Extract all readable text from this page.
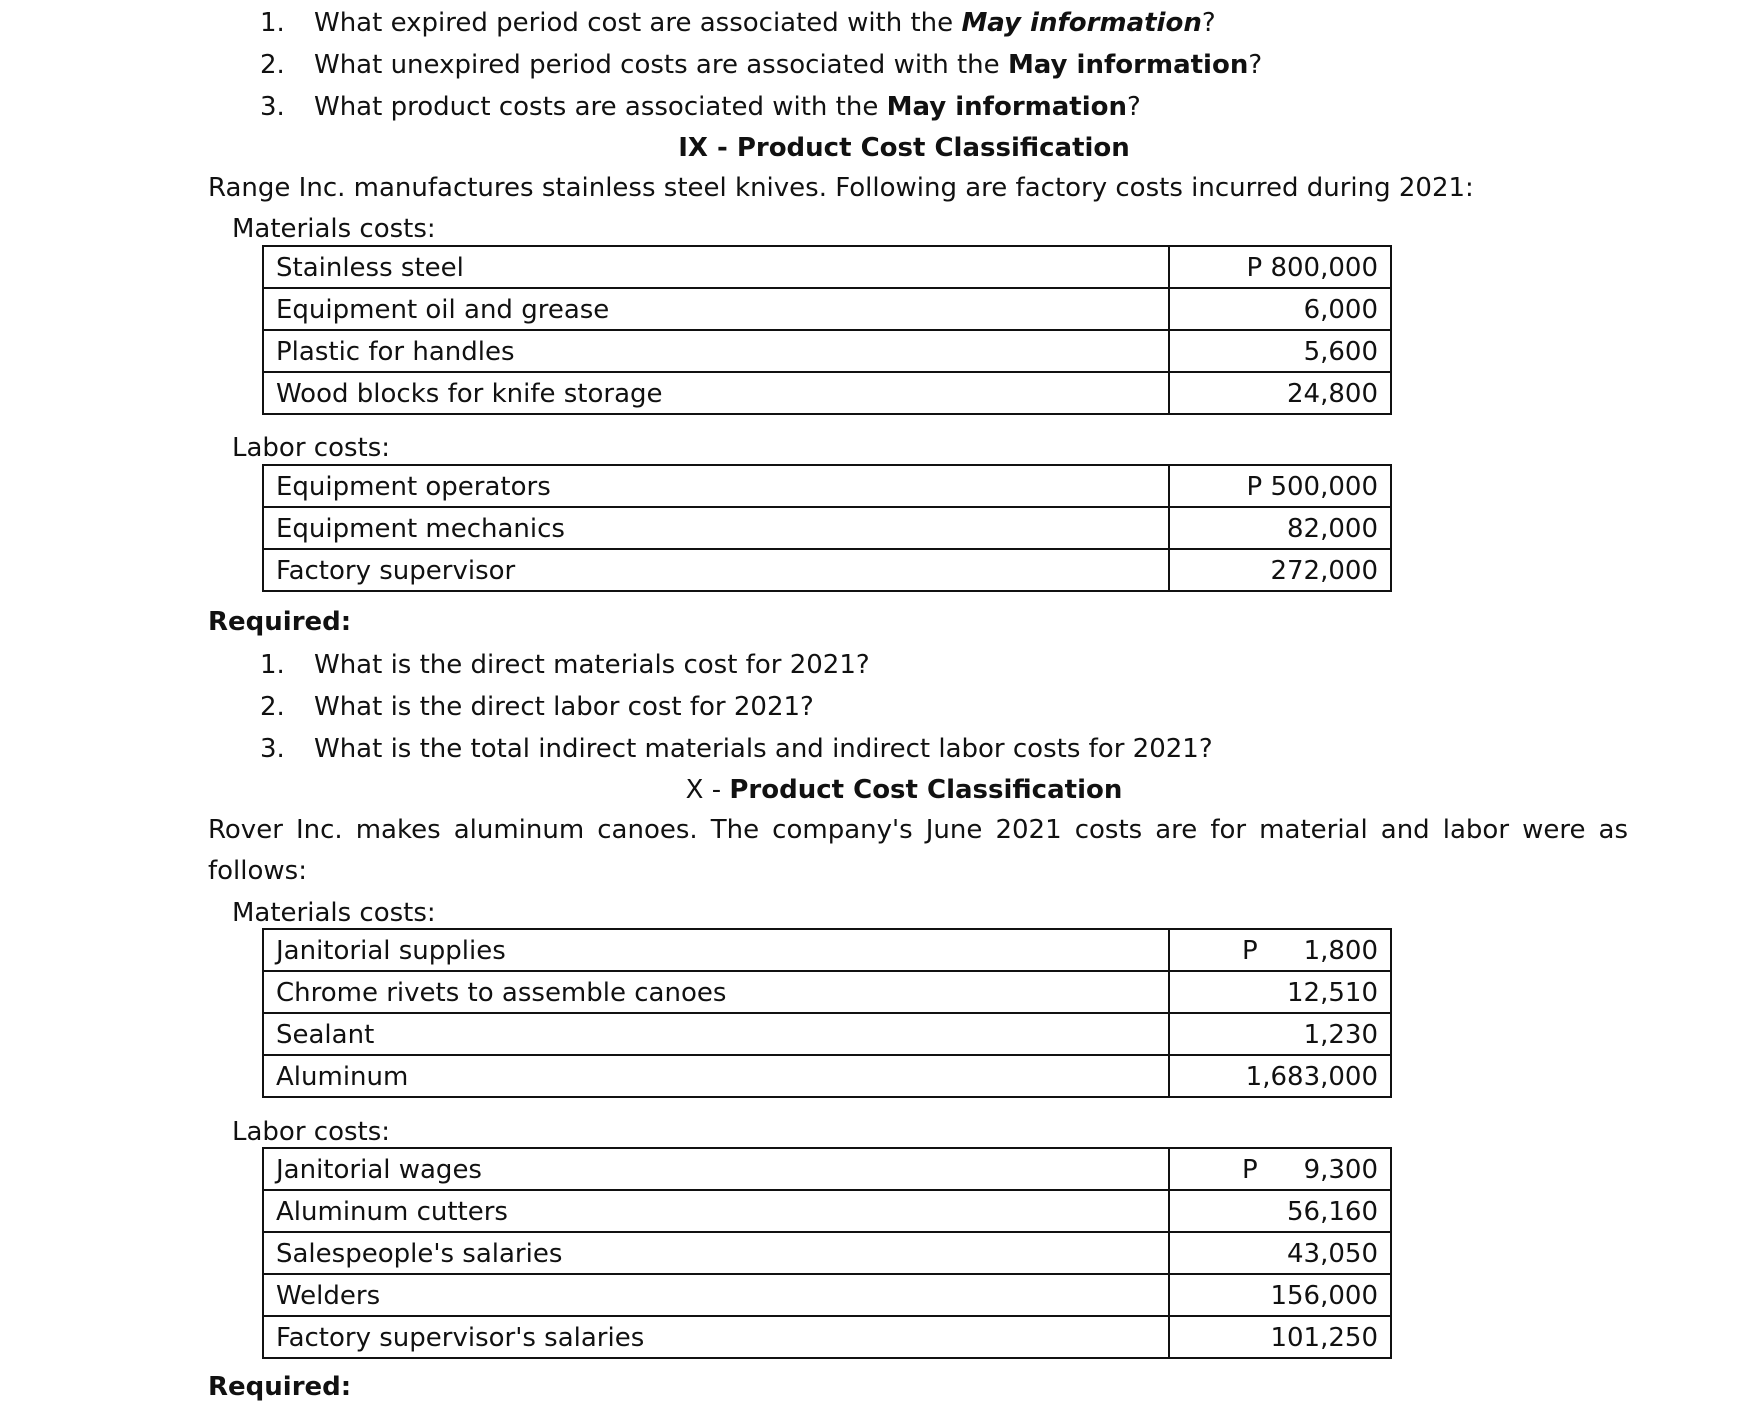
1. What expired period cost are associated with the May information?
2. What unexpired period costs are associated with the May information?
3. What product costs are associated with the May information?
IX - Product Cost Classification
Range Inc. manufactures stainless steel knives. Following are factory costs incurred during 2021:
Materials costs:
Stainless steel	P 800,000
Equipment oil and grease	6,000
Plastic for handles	5,600
Wood blocks for knife storage	24,800
Labor costs:
Equipment operators	P 500,000
Equipment mechanics	82,000
Factory supervisor	272,000
Required:
1. What is the direct materials cost for 2021?
2. What is the direct labor cost for 2021?
3. What is the total indirect materials and indirect labor costs for 2021?
X - Product Cost Classification
Rover Inc. makes aluminum canoes. The company's June 2021 costs are for material and labor were as follows:
Materials costs:
Janitorial supplies	P 1,800
Chrome rivets to assemble canoes	12,510
Sealant	1,230
Aluminum	1,683,000
Labor costs:
Janitorial wages	P 9,300
Aluminum cutters	56,160
Salespeople's salaries	43,050
Welders	156,000
Factory supervisor's salaries	101,250
Required:
